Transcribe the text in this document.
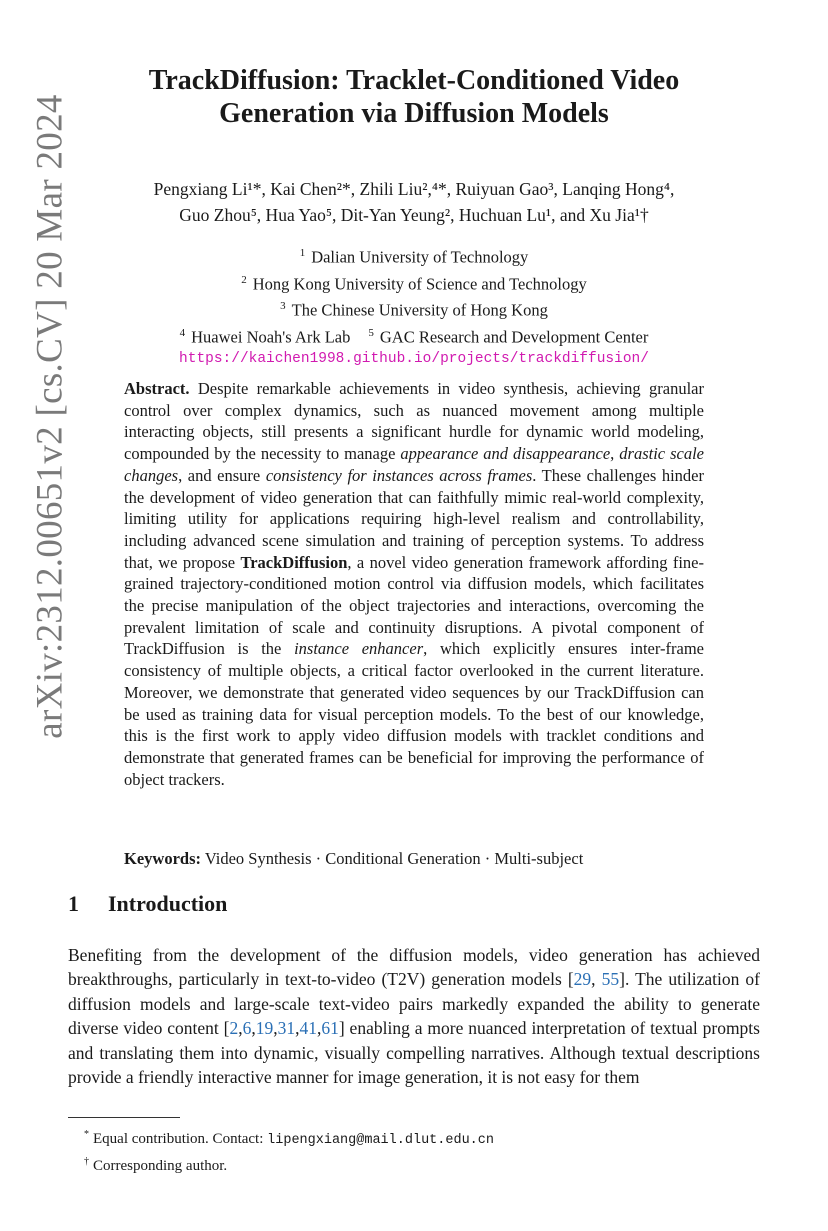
arXiv:2312.00651v2 [cs.CV] 20 Mar 2024
TrackDiffusion: Tracklet-Conditioned Video
Generation via Diffusion Models
Pengxiang Li¹*, Kai Chen²*, Zhili Liu²,⁴*, Ruiyuan Gao³, Lanqing Hong⁴,
Guo Zhou⁵, Hua Yao⁵, Dit-Yan Yeung², Huchuan Lu¹, and Xu Jia¹†
$^1$ Dalian University of Technology
$^2$ Hong Kong University of Science and Technology
$^3$ The Chinese University of Hong Kong
$^4$ Huawei Noah's Ark Lab $^5$ GAC Research and Development Center
https://kaichen1998.github.io/projects/trackdiffusion/
Abstract. Despite remarkable achievements in video synthesis, achieving granular control over complex dynamics, such as nuanced movement among multiple interacting objects, still presents a significant hurdle for dynamic world modeling, compounded by the necessity to manage appearance and disappearance, drastic scale changes, and ensure consistency for instances across frames. These challenges hinder the development of video generation that can faithfully mimic real-world complexity, limiting utility for applications requiring high-level realism and controllability, including advanced scene simulation and training of perception systems. To address that, we propose TrackDiffusion, a novel video generation framework affording fine-grained trajectory-conditioned motion control via diffusion models, which facilitates the precise manipulation of the object trajectories and interactions, overcoming the prevalent limitation of scale and continuity disruptions. A pivotal component of TrackDiffusion is the instance enhancer, which explicitly ensures inter-frame consistency of multiple objects, a critical factor overlooked in the current literature. Moreover, we demonstrate that generated video sequences by our TrackDiffusion can be used as training data for visual perception models. To the best of our knowledge, this is the first work to apply video diffusion models with tracklet conditions and demonstrate that generated frames can be beneficial for improving the performance of object trackers.
Keywords: Video Synthesis · Conditional Generation · Multi-subject
1 Introduction
Benefiting from the development of the diffusion models, video generation has achieved breakthroughs, particularly in text-to-video (T2V) generation models [29, 55]. The utilization of diffusion models and large-scale text-video pairs markedly expanded the ability to generate diverse video content [2,6,19,31,41,61] enabling a more nuanced interpretation of textual prompts and translating them into dynamic, visually compelling narratives. Although textual descriptions provide a friendly interactive manner for image generation, it is not easy for them
* Equal contribution. Contact: lipengxiang@mail.dlut.edu.cn
† Corresponding author.
